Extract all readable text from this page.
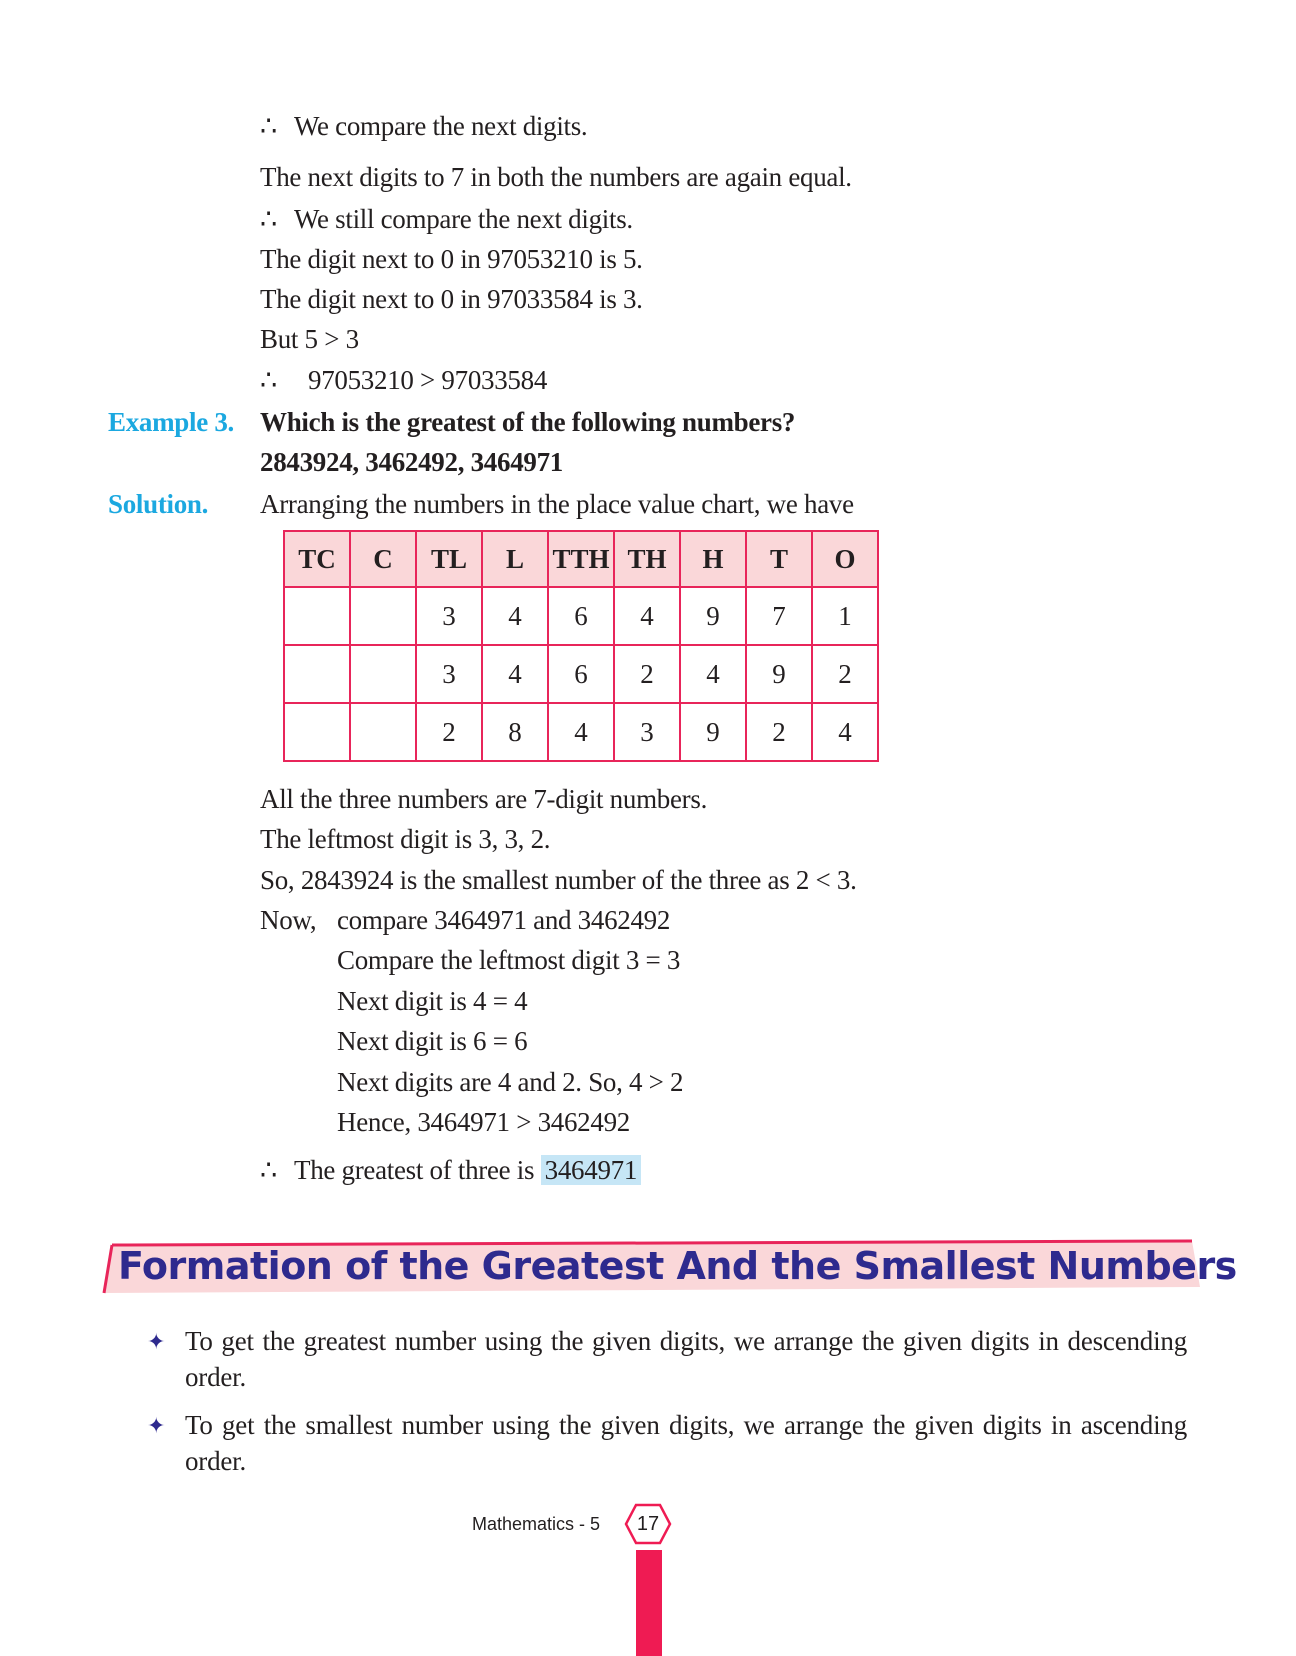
∴ We compare the next digits.
The next digits to 7 in both the numbers are again equal.
∴ We still compare the next digits.
The digit next to 0 in 97053210 is 5.
The digit next to 0 in 97033584 is 3.
But 5 > 3
∴ 97053210 > 97033584
Example 3. Which is the greatest of the following numbers?
2843924, 3462492, 3464971
Solution. Arranging the numbers in the place value chart, we have
TC	C	TL	L	TTH	TH	H	T	O
		3	4	6	4	9	7	1
		3	4	6	2	4	9	2
		2	8	4	3	9	2	4
All the three numbers are 7-digit numbers.
The leftmost digit is 3, 3, 2.
So, 2843924 is the smallest number of the three as 2 < 3.
Now, compare 3464971 and 3462492
Compare the leftmost digit 3 = 3
Next digit is 4 = 4
Next digit is 6 = 6
Next digits are 4 and 2. So, 4 > 2
Hence, 3464971 > 3462492
∴ The greatest of three is 3464971
Formation of the Greatest And the Smallest Numbers
✦ To get the greatest number using the given digits, we arrange the given digits in descending order.
✦ To get the smallest number using the given digits, we arrange the given digits in ascending order.
Mathematics - 5	17
